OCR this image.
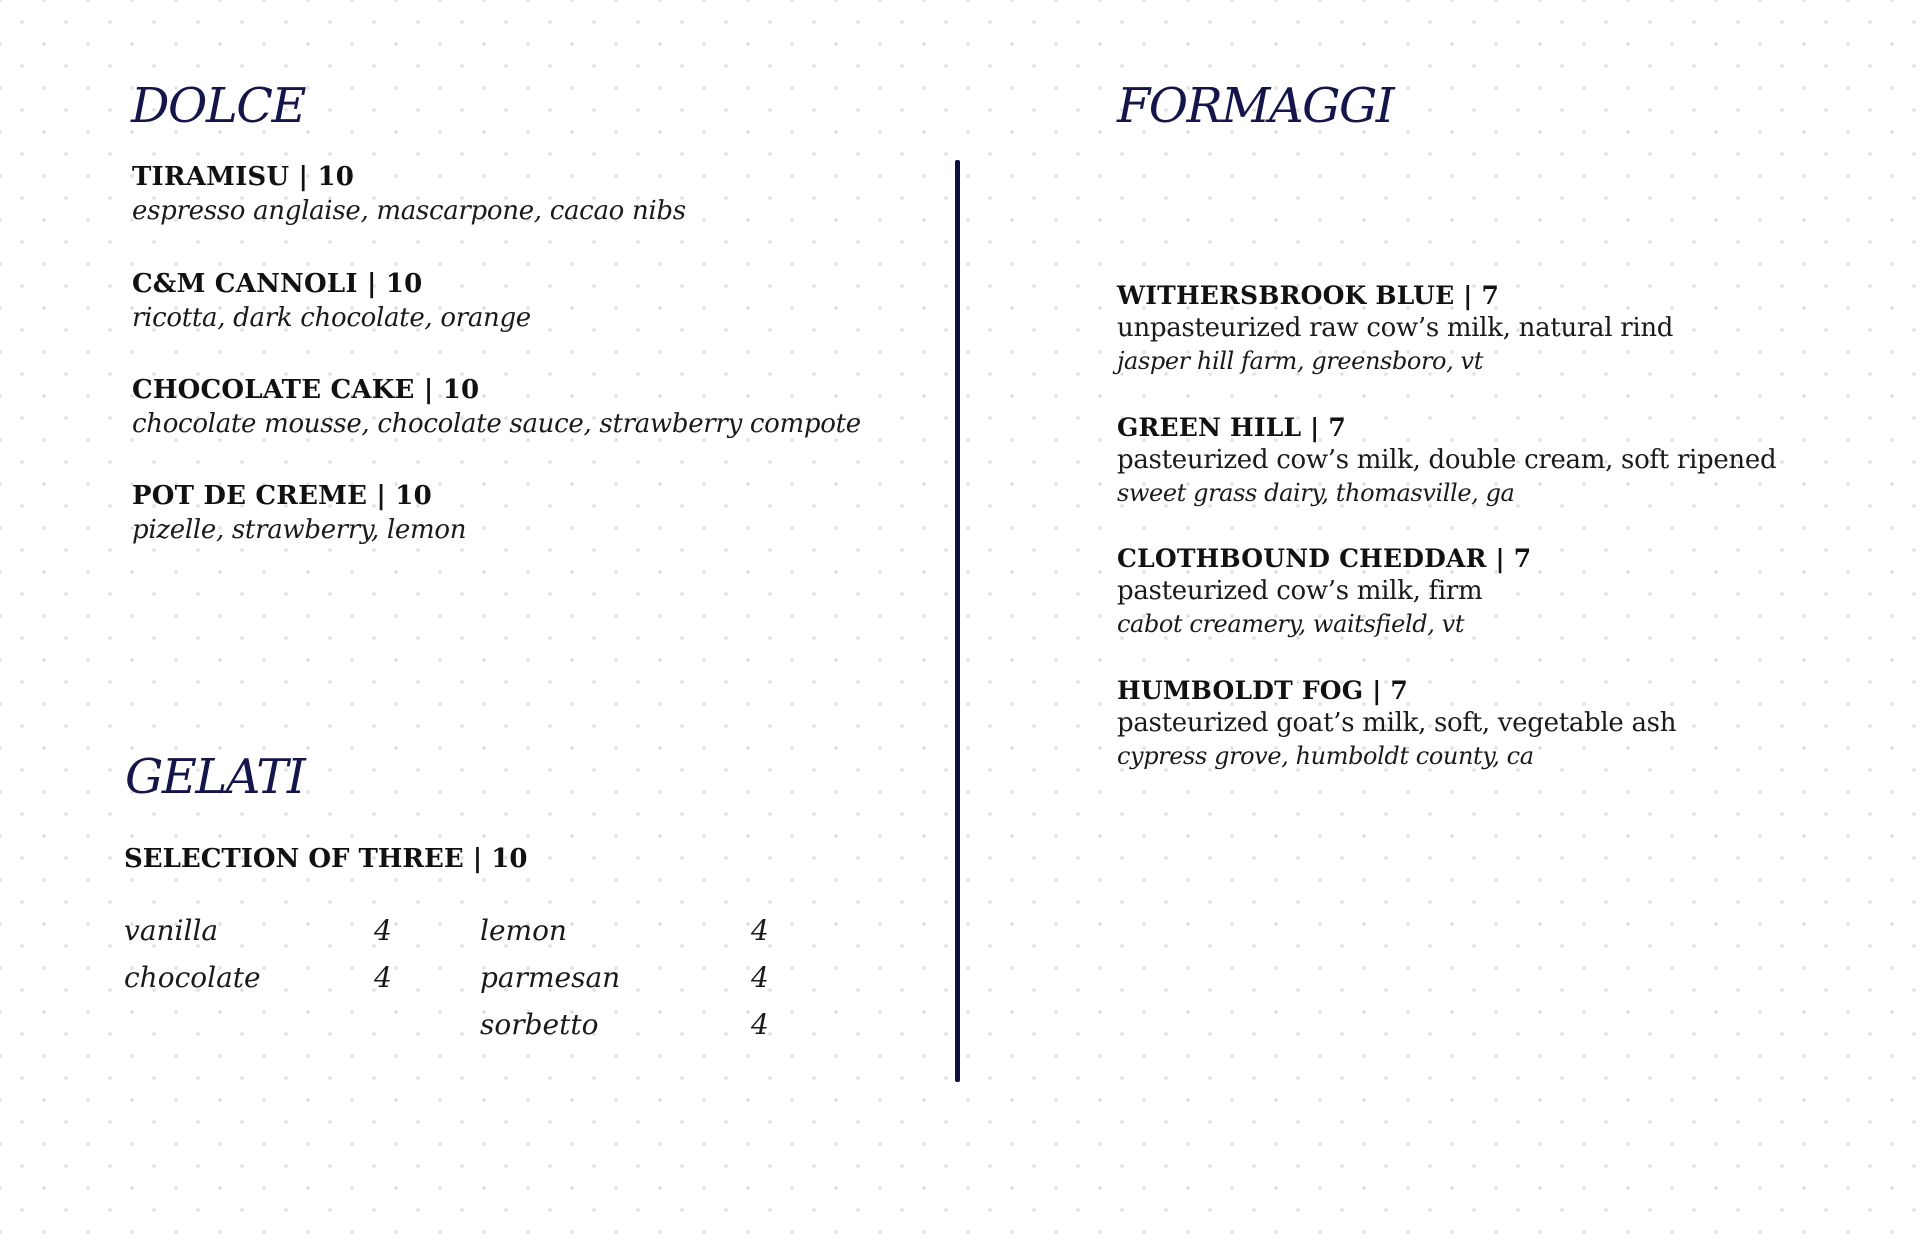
DOLCE
TIRAMISU | 10
espresso anglaise, mascarpone, cacao nibs
C&M CANNOLI | 10
ricotta, dark chocolate, orange
CHOCOLATE CAKE | 10
chocolate mousse, chocolate sauce, strawberry compote
POT DE CREME | 10
pizelle, strawberry, lemon
GELATI
SELECTION OF THREE | 10
vanilla	4
chocolate	4
lemon	4
parmesan	4
sorbetto	4
FORMAGGI
WITHERSBROOK BLUE | 7
unpasteurized raw cow’s milk, natural rind
jasper hill farm, greensboro, vt
GREEN HILL | 7
pasteurized cow’s milk, double cream, soft ripened
sweet grass dairy, thomasville, ga
CLOTHBOUND CHEDDAR | 7
pasteurized cow’s milk, firm
cabot creamery, waitsfield, vt
HUMBOLDT FOG | 7
pasteurized goat’s milk, soft, vegetable ash
cypress grove, humboldt county, ca
